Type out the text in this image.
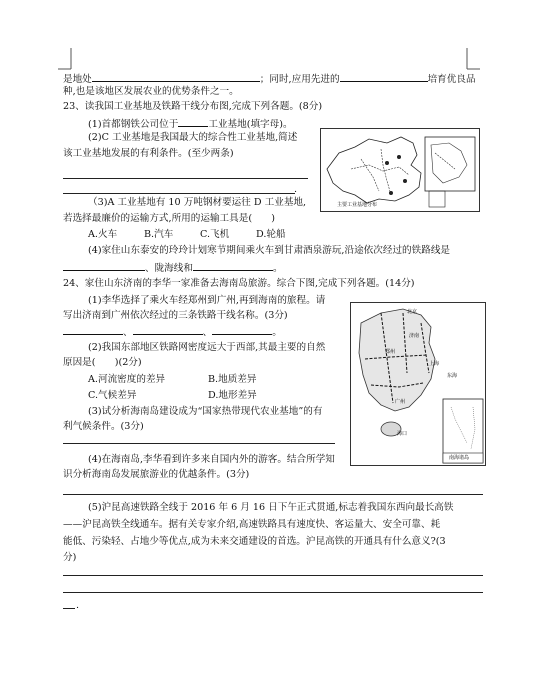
是地处	；同时,应用先进的	培育优良品
种,也是该地区发展农业的优势条件之一。
23、读我国工业基地及铁路干线分布图,完成下列各题。(8分)
(1)首都钢铁公司位于	工业基地(填字母)。
(2)C 工业基地是我国最大的综合性工业基地,简述
该工业基地发展的有利条件。(至少两条)
.
（3)A 工业基地有 10 万吨钢材要运往 D 工业基地,
若选择最廉价的运输方式,所用的运输工具是(　　)
A.火车	B.汽车	C.飞机	D.轮船
(4)家住山东泰安的玲玲计划寒节期间乘火车到甘肃酒泉游玩,沿途依次经过的铁路线是
、陇海线和	。
主要工业基地分布
24、家住山东济南的李华一家准备去海南岛旅游。综合下图,完成下列各题。(14分)
(1)李华选择了乘火车经郑州到广州,再到海南的旅程。请
写出济南到广州依次经过的三条铁路干线名称。(3分)
、	、	。
(2)我国东部地区铁路网密度远大于西部,其最主要的自然
原因是(　　)(2分)
A.河流密度的差异	B.地质差异
C.气候差异	D.地形差异
(3)试分析海南岛建设成为“国家热带现代农业基地”的有
利气候条件。(3分)
(4)在海南岛,李华看到许多来自国内外的游客。结合所学知
识分析海南岛发展旅游业的优越条件。(3分)
(5)沪昆高速铁路全线于 2016 年 6 月 16 日下午正式贯通,标志着我国东西向最长高铁
——沪昆高铁全线通车。据有关专家介绍,高速铁路具有速度快、客运量大、安全可靠、耗
能低、污染轻、占地少等优点,成为未来交通建设的首选。沪昆高铁的开通具有什么意义?(3
分)
.
北京
济南
郑州
上海
广州
海口
东海
南海诸岛
